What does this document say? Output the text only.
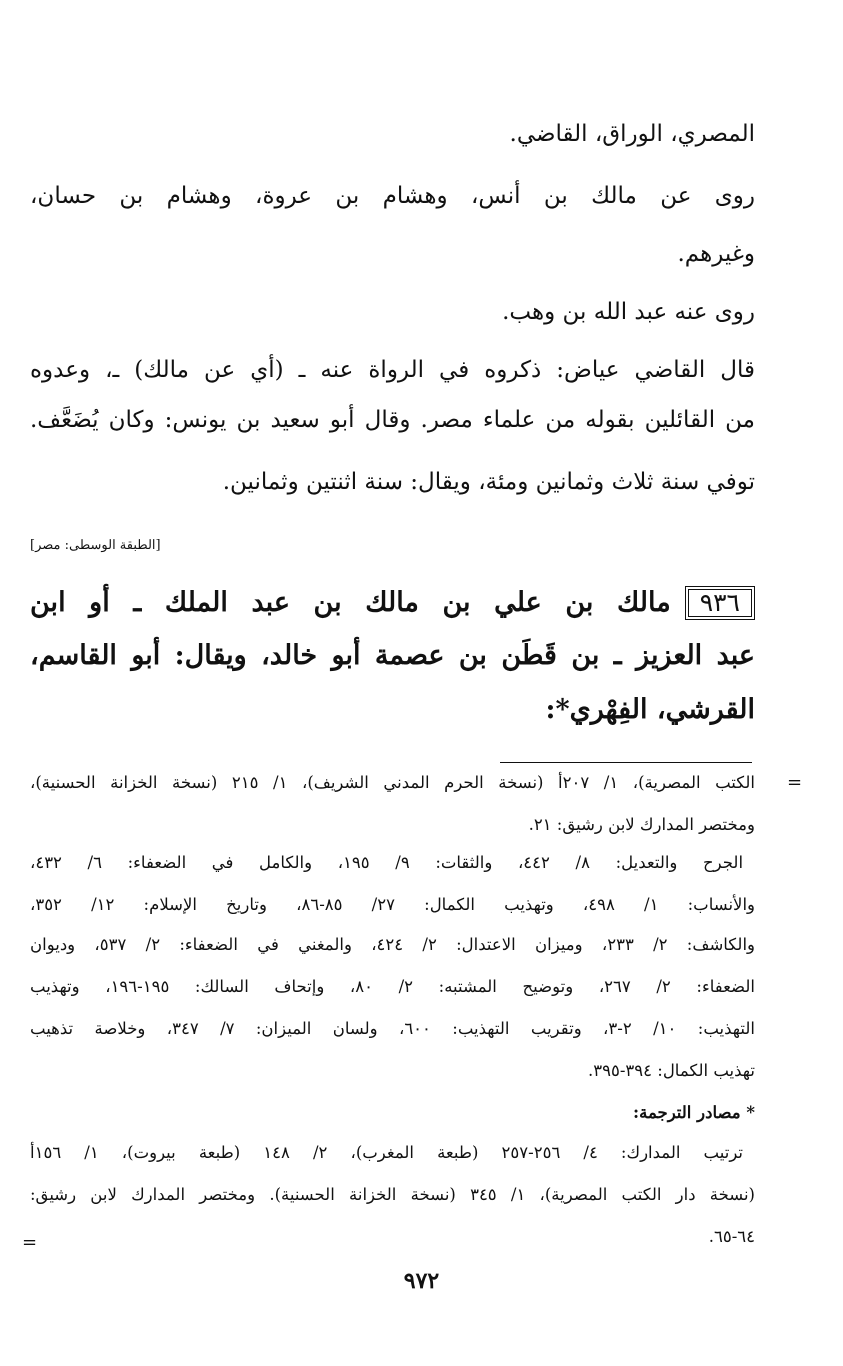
المصري، الوراق، القاضي.
روى عن مالك بن أنس، وهشام بن عروة، وهشام بن حسان،
وغيرهم.
روى عنه عبد الله بن وهب.
قال القاضي عياض: ذكروه في الرواة عنه ـ (أي عن مالك) ـ، وعدوه
من القائلين بقوله من علماء مصر. وقال أبو سعيد بن يونس: وكان يُضَعَّف.
توفي سنة ثلاث وثمانين ومئة، ويقال: سنة اثنتين وثمانين.
[الطبقة الوسطى: مصر]
٩٣٦مالك بن علي بن مالك بن عبد الملك ـ أو ابن
عبد العزيز ـ بن قَطَن بن عصمة أبو خالد، ويقال: أبو القاسم،
القرشي، الفِهْري*:
=
الكتب المصرية)، ١/ ٢٠٧أ (نسخة الحرم المدني الشريف)، ١/ ٢١٥ (نسخة الخزانة الحسنية)،
ومختصر المدارك لابن رشيق: ٢١.
الجرح والتعديل: ٨/ ٤٤٢، والثقات: ٩/ ١٩٥، والكامل في الضعفاء: ٦/ ٤٣٢،
والأنساب: ١/ ٤٩٨، وتهذيب الكمال: ٢٧/ ٨٥-٨٦، وتاريخ الإسلام: ١٢/ ٣٥٢،
والكاشف: ٢/ ٢٣٣، وميزان الاعتدال: ٢/ ٤٢٤، والمغني في الضعفاء: ٢/ ٥٣٧، وديوان
الضعفاء: ٢/ ٢٦٧، وتوضيح المشتبه: ٢/ ٨٠، وإتحاف السالك: ١٩٥-١٩٦، وتهذيب
التهذيب: ١٠/ ٢-٣، وتقريب التهذيب: ٦٠٠، ولسان الميزان: ٧/ ٣٤٧، وخلاصة تذهيب
تهذيب الكمال: ٣٩٤-٣٩٥.
* مصادر الترجمة:
ترتيب المدارك: ٤/ ٢٥٦-٢٥٧ (طبعة المغرب)، ٢/ ١٤٨ (طبعة بيروت)، ١/ ١٥٦أ
(نسخة دار الكتب المصرية)، ١/ ٣٤٥ (نسخة الخزانة الحسنية). ومختصر المدارك لابن رشيق:
٦٤-٦٥.
=
٩٧٢
